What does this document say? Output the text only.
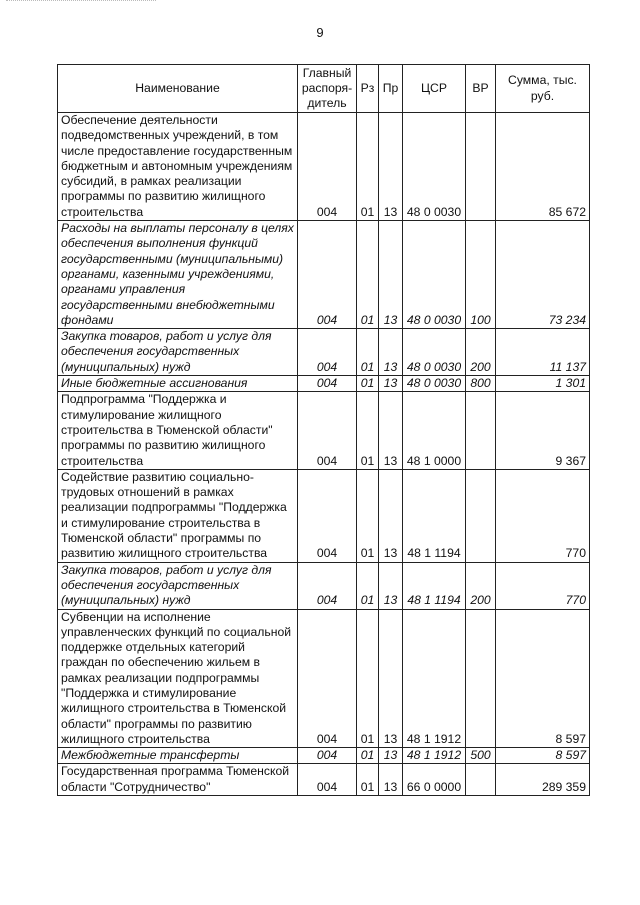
9
Наименование	Главный распоря-дитель	Рз	Пр	ЦСР	ВР	Сумма, тыс. руб.
Обеспечение деятельности подведомственных учреждений, в том числе предоставление государственным бюджетным и автономным учреждениям субсидий, в рамках реализации программы по развитию жилищного строительства	004	01	13	48 0 0030		85 672
Расходы на выплаты персоналу в целях обеспечения выполнения функций государственными (муниципальными) органами, казенными учреждениями, органами управления государственными внебюджетными фондами	004	01	13	48 0 0030	100	73 234
Закупка товаров, работ и услуг для обеспечения государственных (муниципальных) нужд	004	01	13	48 0 0030	200	11 137
Иные бюджетные ассигнования	004	01	13	48 0 0030	800	1 301
Подпрограмма "Поддержка и стимулирование жилищного строительства в Тюменской области" программы по развитию жилищного строительства	004	01	13	48 1 0000		9 367
Содействие развитию социально-трудовых отношений в рамках реализации подпрограммы "Поддержка и стимулирование строительства в Тюменской области" программы по развитию жилищного строительства	004	01	13	48 1 1194		770
Закупка товаров, работ и услуг для обеспечения государственных (муниципальных) нужд	004	01	13	48 1 1194	200	770
Субвенции на исполнение управленческих функций по социальной поддержке отдельных категорий граждан по обеспечению жильем в рамках реализации подпрограммы "Поддержка и стимулирование жилищного строительства в Тюменской области" программы по развитию жилищного строительства	004	01	13	48 1 1912		8 597
Межбюджетные трансферты	004	01	13	48 1 1912	500	8 597
Государственная программа Тюменской области "Сотрудничество"	004	01	13	66 0 0000		289 359
